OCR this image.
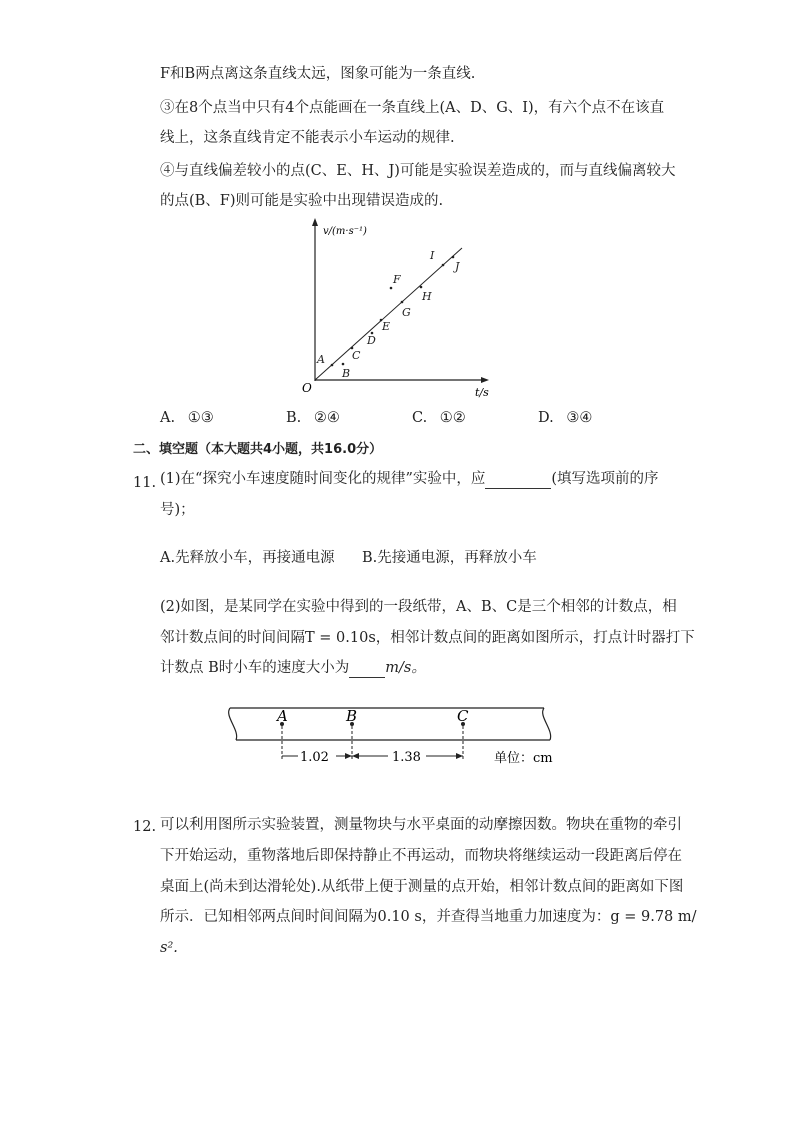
F和B两点离这条直线太远，图象可能为一条直线.
③在8个点当中只有4个点能画在一条直线上(A、D、G、I)，有六个点不在该直
线上，这条直线肯定不能表示小车运动的规律.
④与直线偏差较小的点(C、E、H、J)可能是实验误差造成的，而与直线偏离较大
的点(B、F)则可能是实验中出现错误造成的.
v/(m·s⁻¹)
t/s
O
A
B
C
D
E
F
G
H
I
J
A. ①③	B. ②④	C. ①②	D. ③④
二、填空题（本大题共4小题，共16.0分）
11. (1)在“探究小车速度随时间变化的规律”实验中，应	(填写选项前的序
号)；
A.先释放小车，再接通电源 B.先接通电源，再释放小车
(2)如图，是某同学在实验中得到的一段纸带，A、B、C是三个相邻的计数点，相
邻计数点间的时间间隔T = 0.10s，相邻计数点间的距离如图所示，打点计时器打下
计数点 B时小车的速度大小为 m/s。
A	B	C
1.02	1.38	单位：cm
12. 可以利用图所示实验装置，测量物块与水平桌面的动摩擦因数。物块在重物的牵引
下开始运动，重物落地后即保持静止不再运动，而物块将继续运动一段距离后停在
桌面上(尚未到达滑轮处).从纸带上便于测量的点开始，相邻计数点间的距离如下图
所示．已知相邻两点间时间间隔为0.10 s，并查得当地重力加速度为：g = 9.78 m/
s².
